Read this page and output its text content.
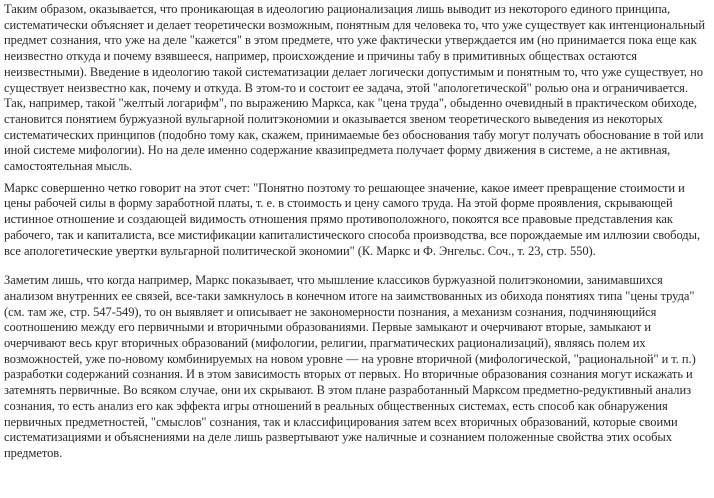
Таким образом, оказывается, что проникающая в идеологию рационализация лишь выводит из некоторого единого принципа, систематически объясняет и делает теоретически возможным, понятным для человека то, что уже существует как интенциональный предмет сознания, что уже на деле "кажется" в этом предмете, что уже фактически утверждается им (но принимается пока еще как неизвестно откуда и почему взявшееся, например, происхождение и причины табу в примитивных обществах остаются неизвестными). Введение в идеологию такой систематизации делает логически допустимым и понятным то, что уже существует, но существует неизвестно как, почему и откуда. В этом-то и состоит ее задача, этой "апологетической" ролью она и ограничивается. Так, например, такой "желтый логарифм", по выражению Маркса, как "цена труда", обыденно очевидный в практическом обиходе, становится понятием буржуазной вульгарной политэкономии и оказывается звеном теоретического выведения из некоторых систематических принципов (подобно тому как, скажем, принимаемые без обоснования табу могут получать обоснование в той или иной системе мифологии). Но на деле именно содержание квазипредмета получает форму движения в системе, а не активная, самостоятельная мысль.

Маркс совершенно четко говорит на этот счет: "Понятно поэтому то решающее значение, какое имеет превращение стоимости и цены рабочей силы в форму заработной платы, т. е. в стоимость и цену самого труда. На этой форме проявления, скрывающей истинное отношение и создающей видимость отношения прямо противоположного, покоятся все правовые представления как рабочего, так и капиталиста, все мистификации капиталистического способа производства, все порождаемые им иллюзии свободы, все апологетические увертки вульгарной политической экономии" (К. Маркс и Ф. Энгельс. Соч., т. 23, стр. 550).

Заметим лишь, что когда например, Маркс показывает, что мышление классиков буржуазной политэкономии, занимавшихся анализом внутренних ее связей, все-таки замкнулось в конечном итоге на заимствованных из обихода понятиях типа "цены труда" (см. там же, стр. 547-549), то он выявляет и описывает не закономерности познания, а механизм сознания, подчиняющийся соотношению между его первичными и вторичными образованиями. Первые замыкают и очерчивают вторые, замыкают и очерчивают весь круг вторичных образований (мифологии, религии, прагматических рационализаций), являясь полем их возможностей, уже по-новому комбинируемых на новом уровне — на уровне вторичной (мифологической, "рациональной" и т. п.) разработки содержаний сознания. И в этом зависимость вторых от первых. Но вторичные образования сознания могут искажать и затемнять первичные. Во всяком случае, они их скрывают. В этом плане разработанный Марксом предметно-редуктивный анализ сознания, то есть анализ его как эффекта игры отношений в реальных общественных системах, есть способ как обнаружения первичных предметностей, "смыслов" сознания, так и классифицирования затем всех вторичных образований, которые своими систематизациями и объяснениями на деле лишь развертывают уже наличные и сознанием положенные свойства этих особых предметов.
